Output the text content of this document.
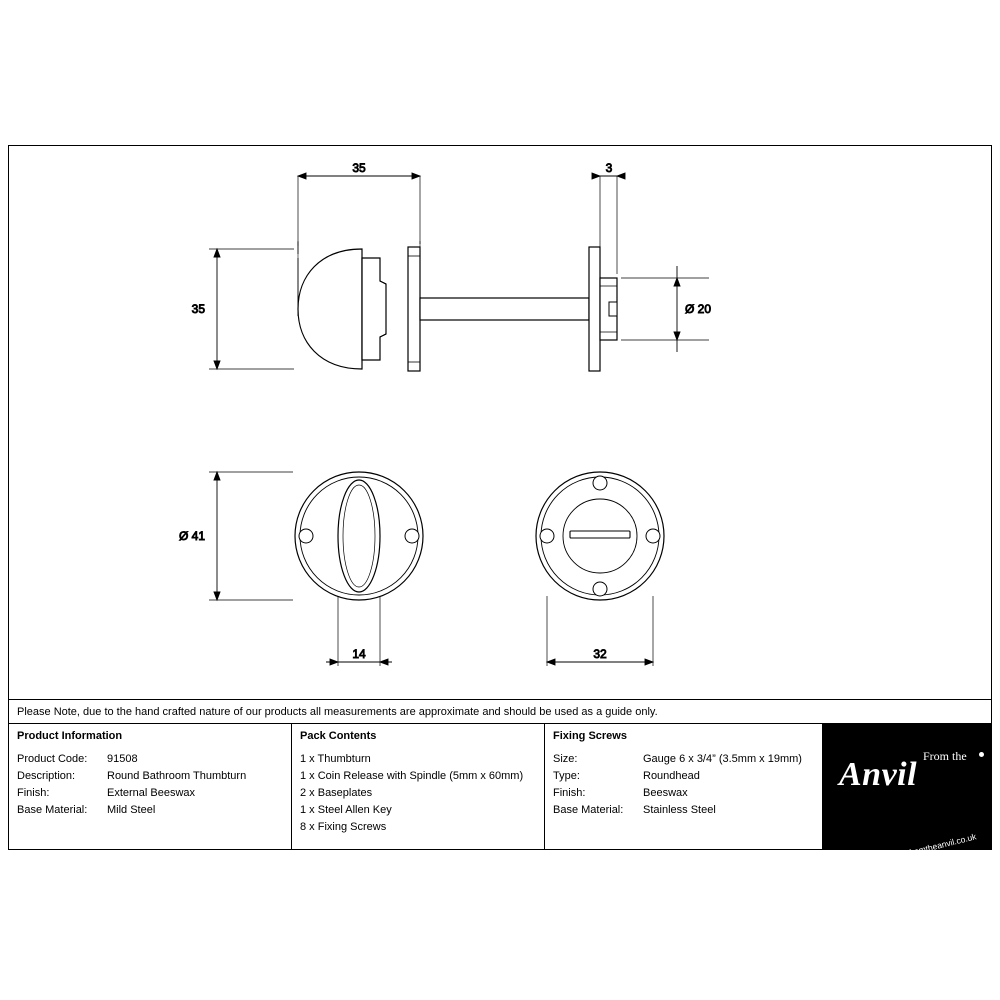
35	3
35	Ø 20
Ø 41
14	32
Please Note, due to the hand crafted nature of our products all measurements are approximate and should be used as a guide only.
Product Information
Product Code:	91508
Description:	Round Bathroom Thumbturn
Finish:	External Beeswax
Base Material:	Mild Steel
Pack Contents
1 x Thumbturn
1 x Coin Release with Spindle (5mm x 60mm)
2 x Baseplates
1 x Steel Allen Key
8 x Fixing Screws
Fixing Screws
Size:	Gauge 6 x 3/4” (3.5mm x 19mm)
Type:	Roundhead
Finish:	Beeswax
Base Material:	Stainless Steel
Anvil From the
www.fromtheanvil.co.uk
